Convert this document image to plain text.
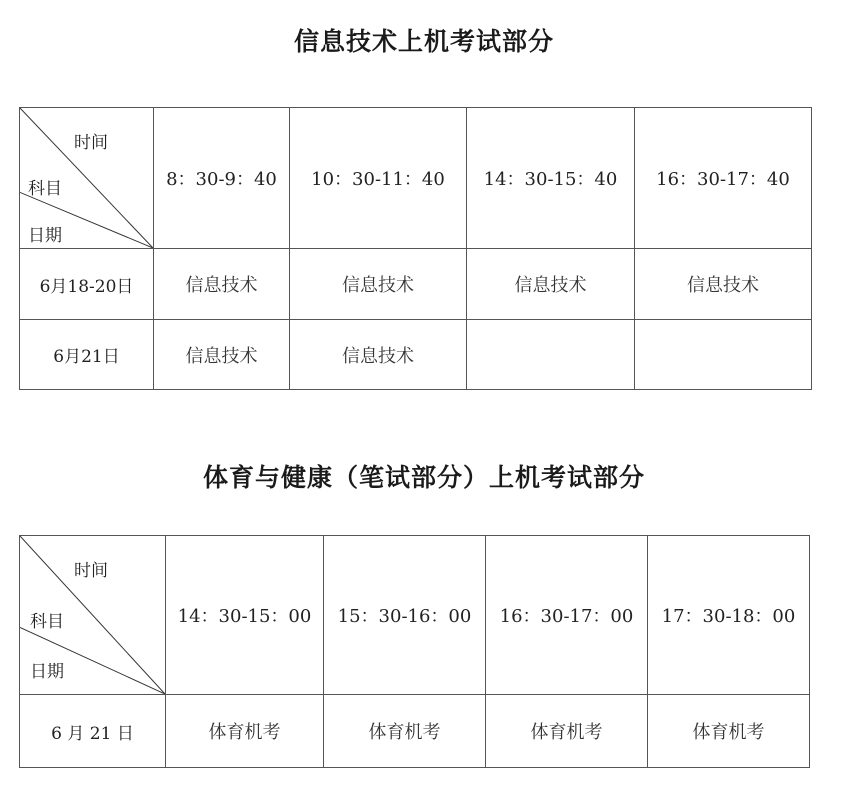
信息技术上机考试部分
时间
科目
日期	8：30-9：40	10：30-11：40	14：30-15：40	16：30-17：40
6月18-20日	信息技术	信息技术	信息技术	信息技术
6月21日	信息技术	信息技术		
体育与健康（笔试部分）上机考试部分
时间
科目
日期	14：30-15：00	15：30-16：00	16：30-17：00	17：30-18：00
6 月 21 日	体育机考	体育机考	体育机考	体育机考
